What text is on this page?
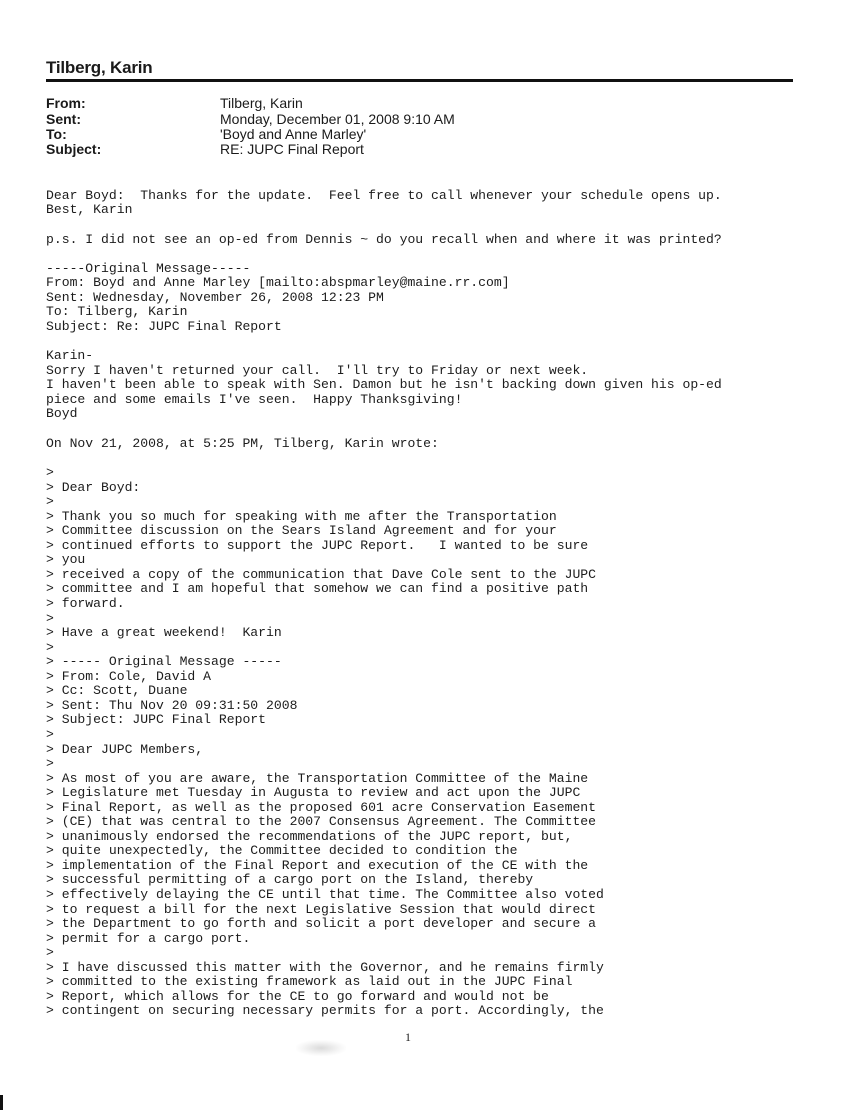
Tilberg, Karin
From:	Tilberg, Karin
Sent:	Monday, December 01, 2008 9:10 AM
To:	'Boyd and Anne Marley'
Subject:	RE: JUPC Final Report
Dear Boyd:  Thanks for the update.  Feel free to call whenever your schedule opens up.
Best, Karin
p.s. I did not see an op-ed from Dennis ~ do you recall when and where it was printed?
-----Original Message-----
From: Boyd and Anne Marley [mailto:abspmarley@maine.rr.com]
Sent: Wednesday, November 26, 2008 12:23 PM
To: Tilberg, Karin
Subject: Re: JUPC Final Report
Karin-
Sorry I haven't returned your call.  I'll try to Friday or next week.
I haven't been able to speak with Sen. Damon but he isn't backing down given his op-ed
piece and some emails I've seen.  Happy Thanksgiving!
Boyd
On Nov 21, 2008, at 5:25 PM, Tilberg, Karin wrote:
>
> Dear Boyd:
>
> Thank you so much for speaking with me after the Transportation
> Committee discussion on the Sears Island Agreement and for your
> continued efforts to support the JUPC Report.   I wanted to be sure
> you
> received a copy of the communication that Dave Cole sent to the JUPC
> committee and I am hopeful that somehow we can find a positive path
> forward.
>
> Have a great weekend!  Karin
>
> ----- Original Message -----
> From: Cole, David A
> Cc: Scott, Duane
> Sent: Thu Nov 20 09:31:50 2008
> Subject: JUPC Final Report
>
> Dear JUPC Members,
>
> As most of you are aware, the Transportation Committee of the Maine
> Legislature met Tuesday in Augusta to review and act upon the JUPC
> Final Report, as well as the proposed 601 acre Conservation Easement
> (CE) that was central to the 2007 Consensus Agreement. The Committee
> unanimously endorsed the recommendations of the JUPC report, but,
> quite unexpectedly, the Committee decided to condition the
> implementation of the Final Report and execution of the CE with the
> successful permitting of a cargo port on the Island, thereby
> effectively delaying the CE until that time. The Committee also voted
> to request a bill for the next Legislative Session that would direct
> the Department to go forth and solicit a port developer and secure a
> permit for a cargo port.
>
> I have discussed this matter with the Governor, and he remains firmly
> committed to the existing framework as laid out in the JUPC Final
> Report, which allows for the CE to go forward and would not be
> contingent on securing necessary permits for a port. Accordingly, the
1
